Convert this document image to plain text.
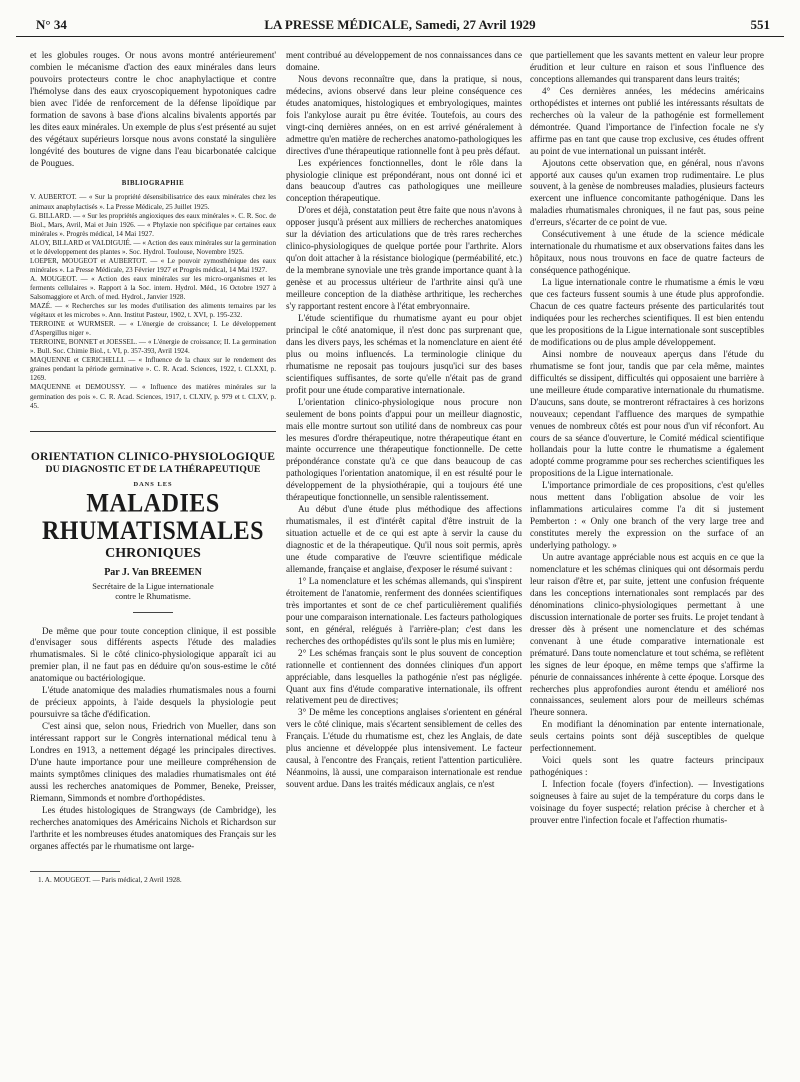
N° 34	LA PRESSE MÉDICALE, Samedi, 27 Avril 1929	551

et les globules rouges. Or nous avons montré antérieurement' combien le mécanisme d'action des eaux minérales dans leurs pouvoirs protecteurs contre le choc anaphylactique et contre l'hémolyse dans des eaux cryoscopiquement hypotoniques cadre bien avec l'idée de renforcement de la défense lipoïdique par formation de savons à base d'ions alcalins bivalents apportés par les dites eaux minérales. Un exemple de plus s'est présenté au sujet des végétaux supérieurs lorsque nous avons constaté la singulière longévité des boutures de vigne dans l'eau bicarbonatée calcique de Pougues.

BIBLIOGRAPHIE
V. AUBERTOT. — « Sur la propriété désensibilisatrice des eaux minérales chez les animaux anaphylactisés ». La Presse Médicale, 25 Juillet 1925.
G. BILLARD. — « Sur les propriétés angioxiques des eaux minérales ». C. R. Soc. de Biol., Mars, Avril, Mai et Juin 1926. — « Phylaxie non spécifique par certaines eaux minérales ». Progrès médical, 14 Mai 1927.
ALOY, BILLARD et VALDIGUIÉ. — « Action des eaux minérales sur la germination et le développement des plantes ». Soc. Hydrol. Toulouse, Novembre 1925.
LOEPER, MOUGEOT et AUBERTOT. — « Le pouvoir zymosthénique des eaux minérales ». La Presse Médicale, 23 Février 1927 et Progrès médical, 14 Mai 1927.
A. MOUGEOT. — « Action des eaux minérales sur les micro-organismes et les ferments cellulaires ». Rapport à la Soc. intern. Hydrol. Méd., 16 Octobre 1927 à Salsomaggiore et Arch. of med. Hydrol., Janvier 1928.
MAZÉ. — « Recherches sur les modes d'utilisation des aliments ternaires par les végétaux et les microbes ». Ann. Institut Pasteur, 1902, t. XVI, p. 195-232.
TERROINE et WURMSER. — « L'énergie de croissance; I. Le développement d'Aspergillus niger ».
TERROINE, BONNET et JOESSEL. — « L'énergie de croissance; II. La germination ». Bull. Soc. Chimie Biol., t. VI, p. 357-393, Avril 1924.
MAQUENNE et CERICHELLI. — « Influence de la chaux sur le rendement des graines pendant la période germinative ». C. R. Acad. Sciences, 1922, t. CLXXI, p. 1269.
MAQUENNE et DEMOUSSY. — « Influence des matières minérales sur la germination des pois ». C. R. Acad. Sciences, 1917, t. CLXIV, p. 979 et t. CLXV, p. 45.
ORIENTATION CLINICO-PHYSIOLOGIQUE
DU DIAGNOSTIC ET DE LA THÉRAPEUTIQUE
DANS LES
MALADIES RHUMATISMALES
CHRONIQUES
Par J. Van BREEMEN
Secrétaire de la Ligue internationale
contre le Rhumatisme.

De même que pour toute conception clinique, il est possible d'envisager sous différents aspects l'étude des maladies rhumatismales. Si le côté clinico-physiologique apparaît ici au premier plan, il ne faut pas en déduire qu'on sous-estime le côté anatomique ou bactériologique.

L'étude anatomique des maladies rhumatismales nous a fourni de précieux appoints, à l'aide desquels la physiologie peut poursuivre sa tâche d'édification.

C'est ainsi que, selon nous, Friedrich von Mueller, dans son intéressant rapport sur le Congrès international médical tenu à Londres en 1913, a nettement dégagé les principales directives. D'une haute importance pour une meilleure compréhension de maints symptômes cliniques des maladies rhumatismales ont été aussi les recherches anatomiques de Pommer, Beneke, Preisser, Riemann, Simmonds et nombre d'orthopédistes.

Les études histologiques de Strangways (de Cambridge), les recherches anatomiques des Américains Nichols et Richardson sur l'arthrite et les nombreuses études anatomiques des Français sur les organes affectés par le rhumatisme ont large-

1. A. MOUGEOT. — Paris médical, 2 Avril 1928.

ment contribué au développement de nos connaissances dans ce domaine.

Nous devons reconnaître que, dans la pratique, si nous, médecins, avions observé dans leur pleine conséquence ces études anatomiques, histologiques et embryologiques, maintes fois l'ankylose aurait pu être évitée. Toutefois, au cours des vingt-cinq dernières années, on en est arrivé généralement à admettre qu'en matière de recherches anatomo-pathologiques les directives d'une thérapeutique rationnelle font à peu près défaut.

Les expériences fonctionnelles, dont le rôle dans la physiologie clinique est prépondérant, nous ont donné ici et dans beaucoup d'autres cas pathologiques une meilleure conception thérapeutique.

D'ores et déjà, constatation peut être faite que nous n'avons à opposer jusqu'à présent aux milliers de recherches anatomiques sur la déviation des articulations que de très rares recherches clinico-physiologiques de quelque portée pour l'arthrite. Alors qu'on doit attacher à la résistance biologique (perméabilité, etc.) de la membrane synoviale une très grande importance quant à la genèse et au processus ultérieur de l'arthrite ainsi qu'à une meilleure conception de la diathèse arthritique, les recherches s'y rapportant restent encore à l'état embryonnaire.

L'étude scientifique du rhumatisme ayant eu pour objet principal le côté anatomique, il n'est donc pas surprenant que, dans les divers pays, les schémas et la nomenclature en aient été plus ou moins influencés. La terminologie clinique du rhumatisme ne reposait pas toujours jusqu'ici sur des bases scientifiques suffisantes, de sorte qu'elle n'était pas de grand profit pour une étude comparative internationale.

L'orientation clinico-physiologique nous procure non seulement de bons points d'appui pour un meilleur diagnostic, mais elle montre surtout son utilité dans de nombreux cas pour les mesures d'ordre thérapeutique, notre thérapeutique étant en mainte occurrence une thérapeutique fonctionnelle. De cette prépondérance constate qu'à ce que dans beaucoup de cas pathologiques l'orientation anatomique, il en est résulté pour le développement de la physiothérapie, qui a toujours été une thérapeutique fonctionnelle, un sensible ralentissement.

Au début d'une étude plus méthodique des affections rhumatismales, il est d'intérêt capital d'être instruit de la situation actuelle et de ce qui est apte à servir la cause du diagnostic et de la thérapeutique. Qu'il nous soit permis, après une étude comparative de l'œuvre scientifique médicale allemande, française et anglaise, d'exposer le résumé suivant :

1° La nomenclature et les schémas allemands, qui s'inspirent étroitement de l'anatomie, renferment des données scientifiques très importantes et sont de ce chef particulièrement qualifiés pour une comparaison internationale. Les facteurs pathologiques sont, en général, relégués à l'arrière-plan; c'est dans les recherches des orthopédistes qu'ils sont le plus mis en lumière;

2° Les schémas français sont le plus souvent de conception rationnelle et contiennent des données cliniques d'un apport appréciable, dans lesquelles la pathogénie n'est pas négligée. Quant aux fins d'étude comparative internationale, ils offrent relativement peu de directives;

3° De même les conceptions anglaises s'orientent en général vers le côté clinique, mais s'écartent sensiblement de celles des Français. L'étude du rhumatisme est, chez les Anglais, de date plus ancienne et développée plus intensivement. Le facteur causal, à l'encontre des Français, retient l'attention particulière. Néanmoins, là aussi, une comparaison internationale est rendue souvent ardue. Dans les traités médicaux anglais, ce n'est

que partiellement que les savants mettent en valeur leur propre érudition et leur culture en raison et sous l'influence des conceptions allemandes qui transparent dans leurs traités;

4° Ces dernières années, les médecins américains orthopédistes et internes ont publié les intéressants résultats de recherches où la valeur de la pathogénie est formellement démontrée. Quand l'importance de l'infection focale ne s'y affirme pas en tant que cause trop exclusive, ces études offrent au point de vue international un puissant intérêt.

Ajoutons cette observation que, en général, nous n'avons apporté aux causes qu'un examen trop rudimentaire. Le plus souvent, à la genèse de nombreuses maladies, plusieurs facteurs exercent une influence concomitante pathogénique. Dans les maladies rhumatismales chroniques, il ne faut pas, sous peine d'erreurs, s'écarter de ce point de vue.

Consécutivement à une étude de la science médicale internationale du rhumatisme et aux observations faites dans les hôpitaux, nous nous trouvons en face de quatre facteurs de conséquence pathogénique.

La ligue internationale contre le rhumatisme a émis le vœu que ces facteurs fussent soumis à une étude plus approfondie. Chacun de ces quatre facteurs présente des particularités tout indiquées pour les recherches scientifiques. Il est bien entendu que les propositions de la Ligue internationale sont susceptibles de modifications ou de plus ample développement.

Ainsi nombre de nouveaux aperçus dans l'étude du rhumatisme se font jour, tandis que par cela même, maintes difficultés se dissipent, difficultés qui opposaient une barrière à une meilleure étude comparative internationale du rhumatisme. D'aucuns, sans doute, se montreront réfractaires à ces horizons nouveaux; cependant l'affluence des marques de sympathie venues de nombreux côtés est pour nous d'un vif réconfort. Au cours de sa séance d'ouverture, le Comité médical scientifique hollandais pour la lutte contre le rhumatisme a également adopté comme programme pour ses recherches scientifiques les propositions de la Ligue internationale.

L'importance primordiale de ces propositions, c'est qu'elles nous mettent dans l'obligation absolue de voir les inflammations articulaires comme l'a dit si justement Pemberton : « Only one branch of the very large tree and constitutes merely the expression on the surface of an underlying pathology. »

Un autre avantage appréciable nous est acquis en ce que la nomenclature et les schémas cliniques qui ont désormais perdu leur raison d'être et, par suite, jettent une confusion fréquente dans les conceptions internationales sont remplacés par des dénominations clinico-physiologiques permettant à une discussion internationale de porter ses fruits. Le projet tendant à dresser dès à présent une nomenclature et des schémas convenant à une étude comparative internationale est prématuré. Dans toute nomenclature et tout schéma, se reflètent les signes de leur époque, en même temps que s'affirme la pénurie de connaissances inhérente à cette époque. Lorsque des recherches plus approfondies auront étendu et amélioré nos connaissances, seulement alors pour de meilleurs schémas l'heure sonnera.

En modifiant la dénomination par entente internationale, seuls certains points sont déjà susceptibles de quelque perfectionnement.

Voici quels sont les quatre facteurs principaux pathogéniques :

I. Infection focale (foyers d'infection). — Investigations soigneuses à faire au sujet de la température du corps dans le voisinage du foyer suspecté; relation précise à chercher et à prouver entre l'infection focale et l'affection rhumatis-
